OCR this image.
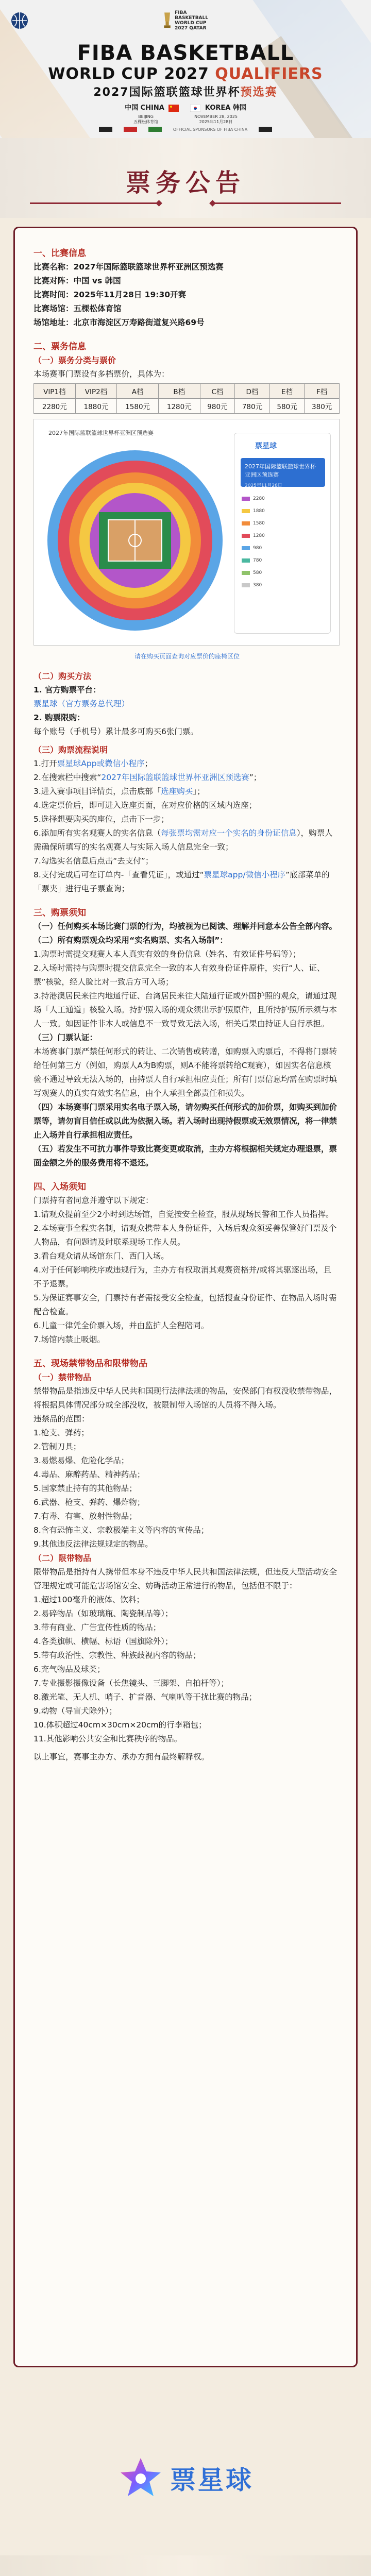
FIBA
BASKETBALL
WORLD CUP
2027 QATAR
FIBA BASKETBALL
WORLD CUP 2027 QUALIFIERS
2027国际篮联篮球世界杯预选赛
中国 CHINA	KOREA 韩国
BEIJING
五棵松体育馆
NOVEMBER 28, 2025
2025年11月28日
OFFICIAL SPONSORS OF FIBA CHINA
票务公告
一、比赛信息
比赛名称：2027年国际篮联篮球世界杯亚洲区预选赛
比赛对阵：中国 vs 韩国
比赛时间：2025年11月28日 19:30开赛
比赛场馆：五棵松体育馆
场馆地址：北京市海淀区万寿路街道复兴路69号
二、票务信息
（一）票务分类与票价
本场赛事门票设有多档票价，具体为：
VIP1档	VIP2档	A档	B档	C档	D档	E档	F档
2280元	1880元	1580元	1280元	980元	780元	580元	380元
2027年国际篮联篮球世界杯亚洲区预选赛
票星球
2027年国际篮联篮球世界杯亚洲区预选赛
2025年11月28日
2280
1880
1580
1280
980
780
580
380
请在购买页面查询对应票价的座椅区位
（二）购买方法
1. 官方购票平台：
票星球（官方票务总代理）
2. 购票限购：
每个账号（手机号）累计最多可购买6张门票。
（三）购票流程说明
1.打开票星球App或微信小程序；
2.在搜索栏中搜索“2027年国际篮联篮球世界杯亚洲区预选赛”；
3.进入赛事项目详情页，点击底部「选座购买」；
4.选定票价后，即可进入选座页面，在对应价格的区域内选座；
5.选择想要购买的座位，点击下一步；
6.添加所有实名观赛人的实名信息（每张票均需对应一个实名的身份证信息），购票人需确保所填写的实名观赛人与实际入场人信息完全一致；
7.勾选实名信息后点击“去支付”；
8.支付完成后可在订单内-「查看凭证」，或通过“票星球app/微信小程序”底部菜单的「票夹」进行电子票查询；
三、购票须知
（一）任何购买本场比赛门票的行为，均被视为已阅读、理解并同意本公告全部内容。
（二）所有购票观众均采用“实名购票、实名入场制”：
1.购票时需提交观赛人本人真实有效的身份信息（姓名、有效证件号码等）；
2.入场时需持与购票时提交信息完全一致的本人有效身份证件原件，实行“人、证、票”核验，经人脸比对一致后方可入场；
3.持港澳居民来往内地通行证、台湾居民来往大陆通行证或外国护照的观众，请通过现场「人工通道」核验入场。持护照入场的观众须出示护照原件，且所持护照所示须与本人一致。如因证件非本人或信息不一致导致无法入场，相关后果由持证人自行承担。
（三）门票认证：
本场赛事门票严禁任何形式的转让、二次销售或转赠，如购票入购票后，不得将门票转给任何第三方（例如，购票人A为B购票，则A不能将票转给C观赛），如因实名信息核验不通过导致无法入场的，由持票人自行承担相应责任；所有门票信息均需在购票时填写观赛人的真实有效实名信息，由个人承担全部责任和损失。
（四）本场赛事门票采用实名电子票入场，请勿购买任何形式的加价票，如购买到加价票等，请勿盲目信任或以此为依据入场。若入场时出现持假票或无效票情况，将一律禁止入场并自行承担相应责任。
（五）若发生不可抗力事件导致比赛变更或取消，主办方将根据相关规定办理退票，票面金额之外的服务费用将不退还。
四、入场须知
门票持有者同意并遵守以下规定：
1.请观众提前至少2小时到达场馆，自觉按安全检查，服从现场民警和工作人员指挥。
2.本场赛事全程实名制，请观众携带本人身份证件，入场后观众须妥善保管好门票及个人物品，有问题请及时联系现场工作人员。
3.看台观众请从场馆东门、西门入场。
4.对于任何影响秩序或违规行为，主办方有权取消其观赛资格并/或将其驱逐出场，且不予退票。
5.为保证赛事安全，门票持有者需接受安全检查，包括搜查身份证件、在物品入场时需配合检查。
6.儿童一律凭全价票入场，并由监护人全程陪同。
7.场馆内禁止吸烟。
五、现场禁带物品和限带物品
（一）禁带物品
禁带物品是指违反中华人民共和国现行法律法规的物品，安保部门有权没收禁带物品，将根据具体情况部分或全部没收，被限制带入场馆的人员将不得入场。
违禁品的范围：
1.枪支、弹药；
2.管制刀具；
3.易燃易爆、危险化学品；
4.毒品、麻醉药品、精神药品；
5.国家禁止持有的其他物品；
6.武器、枪支、弹药、爆炸物；
7.有毒、有害、放射性物品；
8.含有恐怖主义、宗教极端主义等内容的宣传品；
9.其他违反法律法规规定的物品。
（二）限带物品
限带物品是指持有人携带但本身不违反中华人民共和国法律法规，但违反大型活动安全管理规定或可能危害场馆安全、妨碍活动正常进行的物品，包括但不限于：
1.超过100毫升的液体、饮料；
2.易碎物品（如玻璃瓶、陶瓷制品等）；
3.带有商业、广告宣传性质的物品；
4.各类旗帜、横幅、标语（国旗除外）；
5.带有政治性、宗教性、种族歧视内容的物品；
6.充气物品及球类；
7.专业摄影摄像设备（长焦镜头、三脚架、自拍杆等）；
8.激光笔、无人机、哨子、扩音器、气喇叭等干扰比赛的物品；
9.动物（导盲犬除外）；
10.体积超过40cm×30cm×20cm的行李箱包；
11.其他影响公共安全和比赛秩序的物品。
以上事宜，赛事主办方、承办方拥有最终解释权。
票星球
